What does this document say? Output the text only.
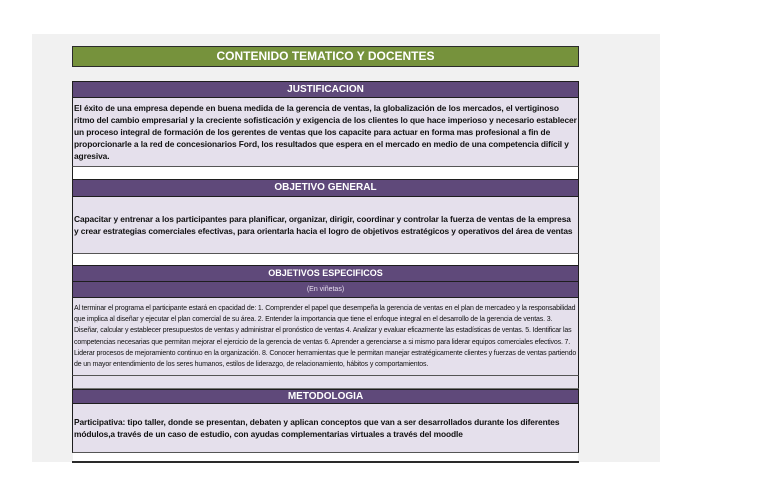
CONTENIDO TEMATICO Y DOCENTES
JUSTIFICACION

El éxito de una empresa depende en buena medida de la gerencia de ventas, la globalización de los mercados, el vertiginoso ritmo del cambio empresarial y la creciente sofisticación y exigencia de los clientes lo que hace imperioso y necesario establecer un proceso integral de formación de los gerentes de ventas que los capacite para actuar en forma mas profesional a fin de proporcionarle a la red de concesionarios Ford, los resultados que espera en el mercado en medio de una competencia difícil y agresiva.

OBJETIVO GENERAL

Capacitar y entrenar a los participantes para planificar, organizar, dirigir, coordinar y controlar la fuerza de ventas de la empresa y crear estrategias comerciales efectivas, para orientarla hacia el logro de objetivos estratégicos y operativos del área de ventas

OBJETIVOS ESPECIFICOS
(En viñetas)

Al terminar el programa el participante estará en cpacidad de: 1. Comprender el papel que desempeña la gerencia de ventas en el plan de mercadeo y la responsabilidad que implica al diseñar y ejecutar el plan comercial de su área. 2. Entender la importancia que tiene el enfoque integral en el desarrollo de la gerencia de ventas. 3. Diseñar, calcular y establecer presupuestos de ventas y administrar el pronóstico de ventas 4. Analizar y evaluar eficazmente las estadísticas de ventas. 5. Identificar las competencias necesarias que permitan mejorar el ejercicio de la gerencia de ventas 6. Aprender a gerenciarse a si mismo para liderar equipos comerciales efectivos. 7. Liderar procesos de mejoramiento continuo en la organización. 8. Conocer herramientas que le permitan manejar estratégicamente clientes y fuerzas de ventas partiendo de un mayor entendimiento de los seres humanos, estilos de liderazgo, de relacionamiento, hábitos y comportamientos.

METODOLOGIA

Participativa: tipo taller, donde se presentan, debaten y aplican conceptos que van a ser desarrollados durante los diferentes módulos,a través de un caso de estudio, con ayudas complementarias virtuales a través del moodle
